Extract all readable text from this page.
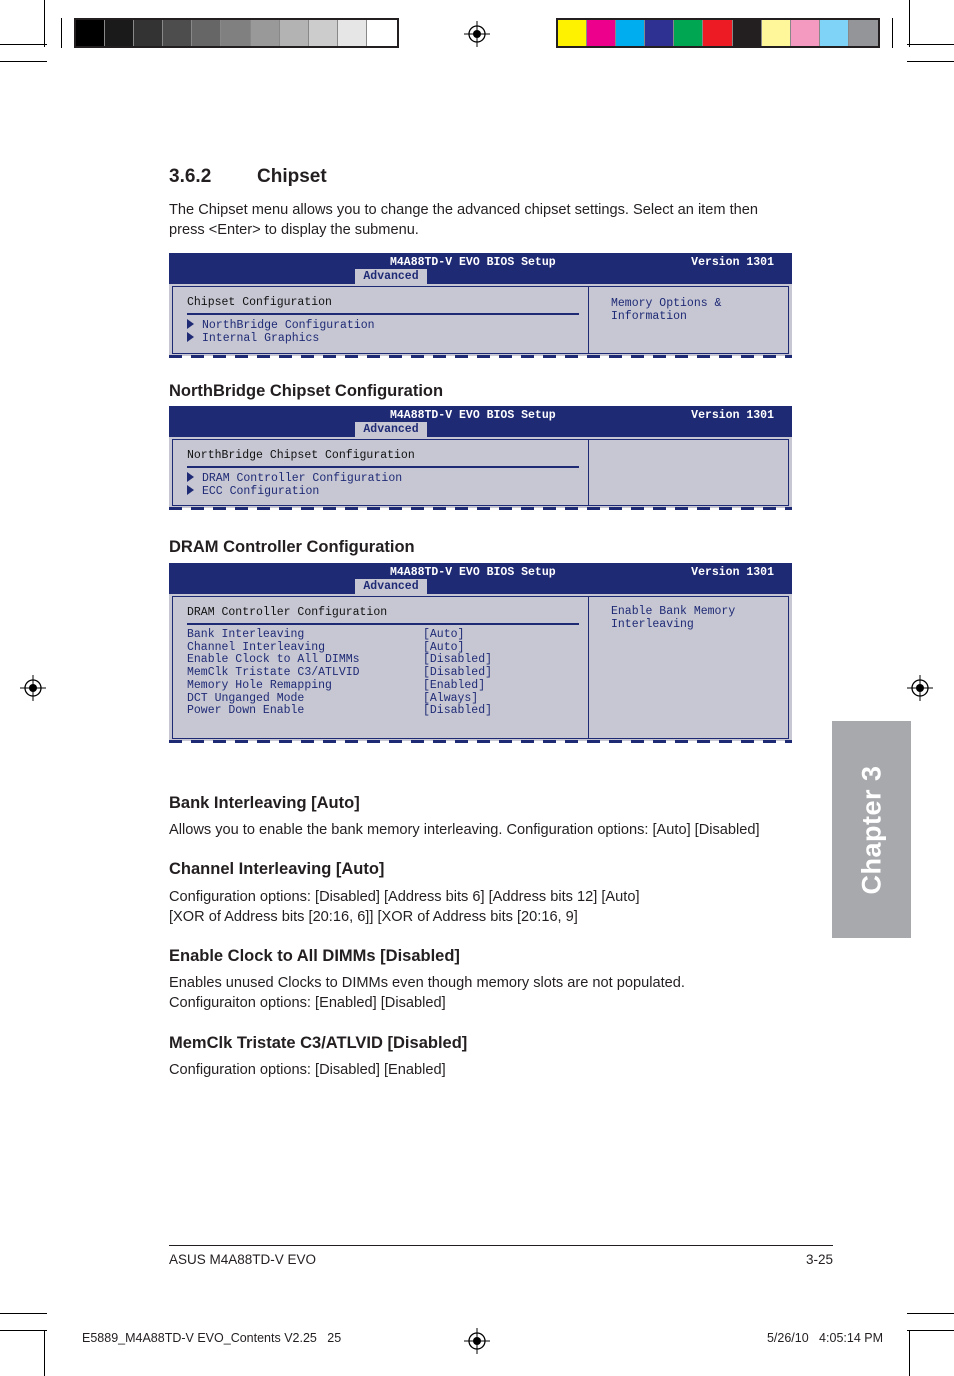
3.6.2 Chipset
The Chipset menu allows you to change the advanced chipset settings. Select an item then
press <Enter> to display the submenu.
M4A88TD-V EVO BIOS Setup	Version 1301
Advanced
Chipset Configuration
NorthBridge Configuration
Internal Graphics
Memory Options &
Information
NorthBridge Chipset Configuration
M4A88TD-V EVO BIOS Setup	Version 1301
Advanced
NorthBridge Chipset Configuration
DRAM Controller Configuration
ECC Configuration
DRAM Controller Configuration
M4A88TD-V EVO BIOS Setup	Version 1301
Advanced
DRAM Controller Configuration
Bank Interleaving	[Auto]
Channel Interleaving	[Auto]
Enable Clock to All DIMMs	[Disabled]
MemClk Tristate C3/ATLVID	[Disabled]
Memory Hole Remapping	[Enabled]
DCT Unganged Mode	[Always]
Power Down Enable	[Disabled]
Enable Bank Memory
Interleaving
Bank Interleaving [Auto]
Allows you to enable the bank memory interleaving. Configuration options: [Auto] [Disabled]
Channel Interleaving [Auto]
Configuration options: [Disabled] [Address bits 6] [Address bits 12] [Auto]
[XOR of Address bits [20:16, 6]] [XOR of Address bits [20:16, 9]
Enable Clock to All DIMMs [Disabled]
Enables unused Clocks to DIMMs even though memory slots are not populated.
Configuraiton options: [Enabled] [Disabled]
MemClk Tristate C3/ATLVID [Disabled]
Configuration options: [Disabled] [Enabled]
Chapter 3
ASUS M4A88TD-V EVO	3-25
E5889_M4A88TD-V EVO_Contents V2.25   25	5/26/10   4:05:14 PM
